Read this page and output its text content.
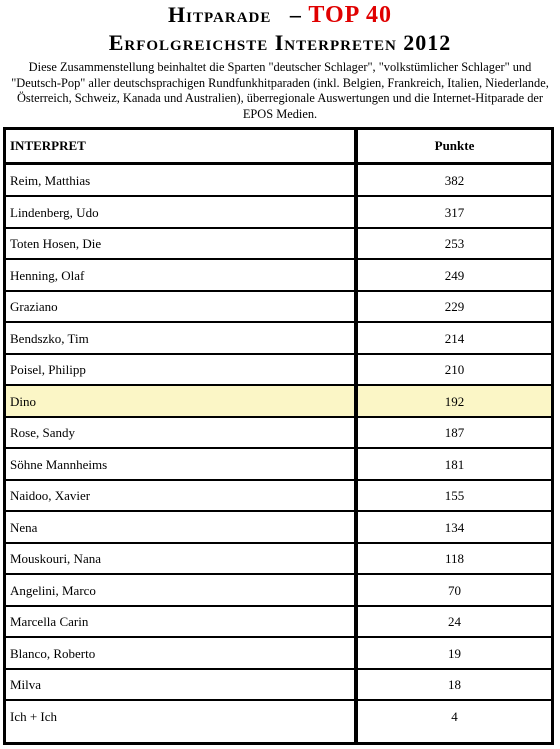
Hitparade – TOP 40
Erfolgreichste Interpreten 2012
Diese Zusammenstellung beinhaltet die Sparten "deutscher Schlager", "volkstümlicher Schlager" und "Deutsch-Pop" aller deutschsprachigen Rundfunkhitparaden (inkl. Belgien, Frankreich, Italien, Niederlande, Österreich, Schweiz, Kanada und Australien), überregionale Auswertungen und die Internet-Hitparade der EPOS Medien.
INTERPRET	Punkte
Reim, Matthias	382
Lindenberg, Udo	317
Toten Hosen, Die	253
Henning, Olaf	249
Graziano	229
Bendszko, Tim	214
Poisel, Philipp	210
Dino	192
Rose, Sandy	187
Söhne Mannheims	181
Naidoo, Xavier	155
Nena	134
Mouskouri, Nana	118
Angelini, Marco	70
Marcella Carin	24
Blanco, Roberto	19
Milva	18
Ich + Ich	4
